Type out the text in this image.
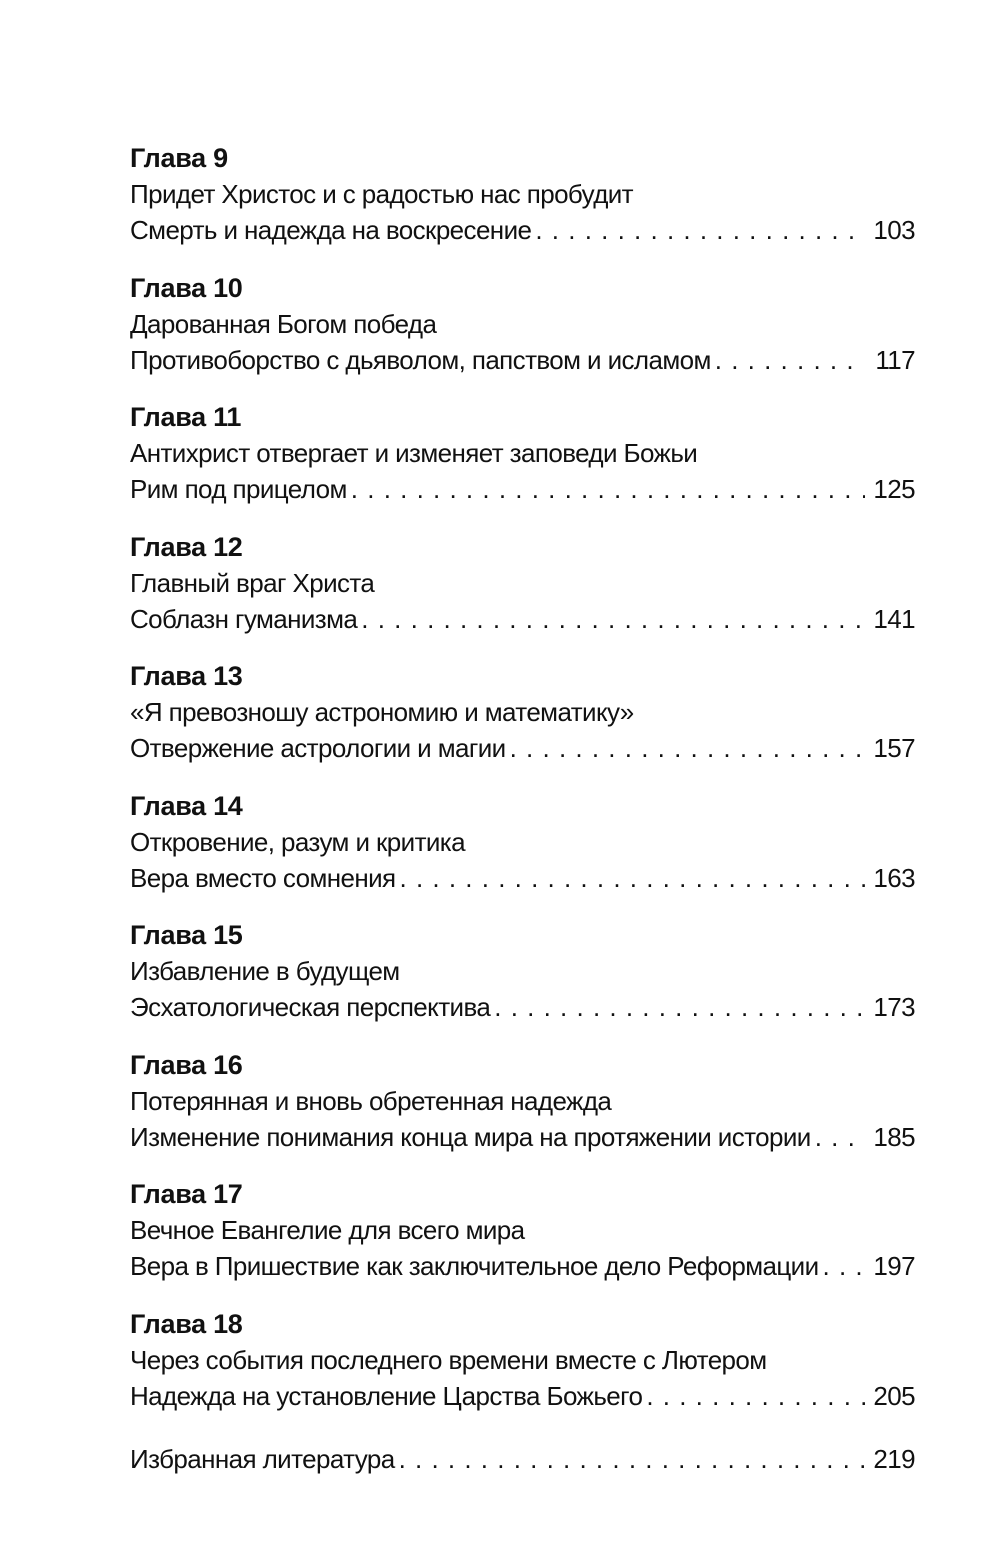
Глава 9
Придет Христос и с радостью нас пробудит
Смерть и надежда на воскресение . . .	103
Глава 10
Дарованная Богом победа
Противоборство с дьяволом, папством и исламом . . .	117
Глава 11
Антихрист отвергает и изменяет заповеди Божьи
Рим под прицелом . . .	125
Глава 12
Главный враг Христа
Соблазн гуманизма . . .	141
Глава 13
«Я превозношу астрономию и математику»
Отвержение астрологии и магии . . .	157
Глава 14
Откровение, разум и критика
Вера вместо сомнения . . .	163
Глава 15
Избавление в будущем
Эсхатологическая перспектива . . .	173
Глава 16
Потерянная и вновь обретенная надежда
Изменение понимания конца мира на протяжении истории . . . 185
Глава 17
Вечное Евангелие для всего мира
Вера в Пришествие как заключительное дело Реформации . . . 197
Глава 18
Через события последнего времени вместе с Лютером
Надежда на установление Царства Божьего . . .	205
Избранная литература . . .	219
